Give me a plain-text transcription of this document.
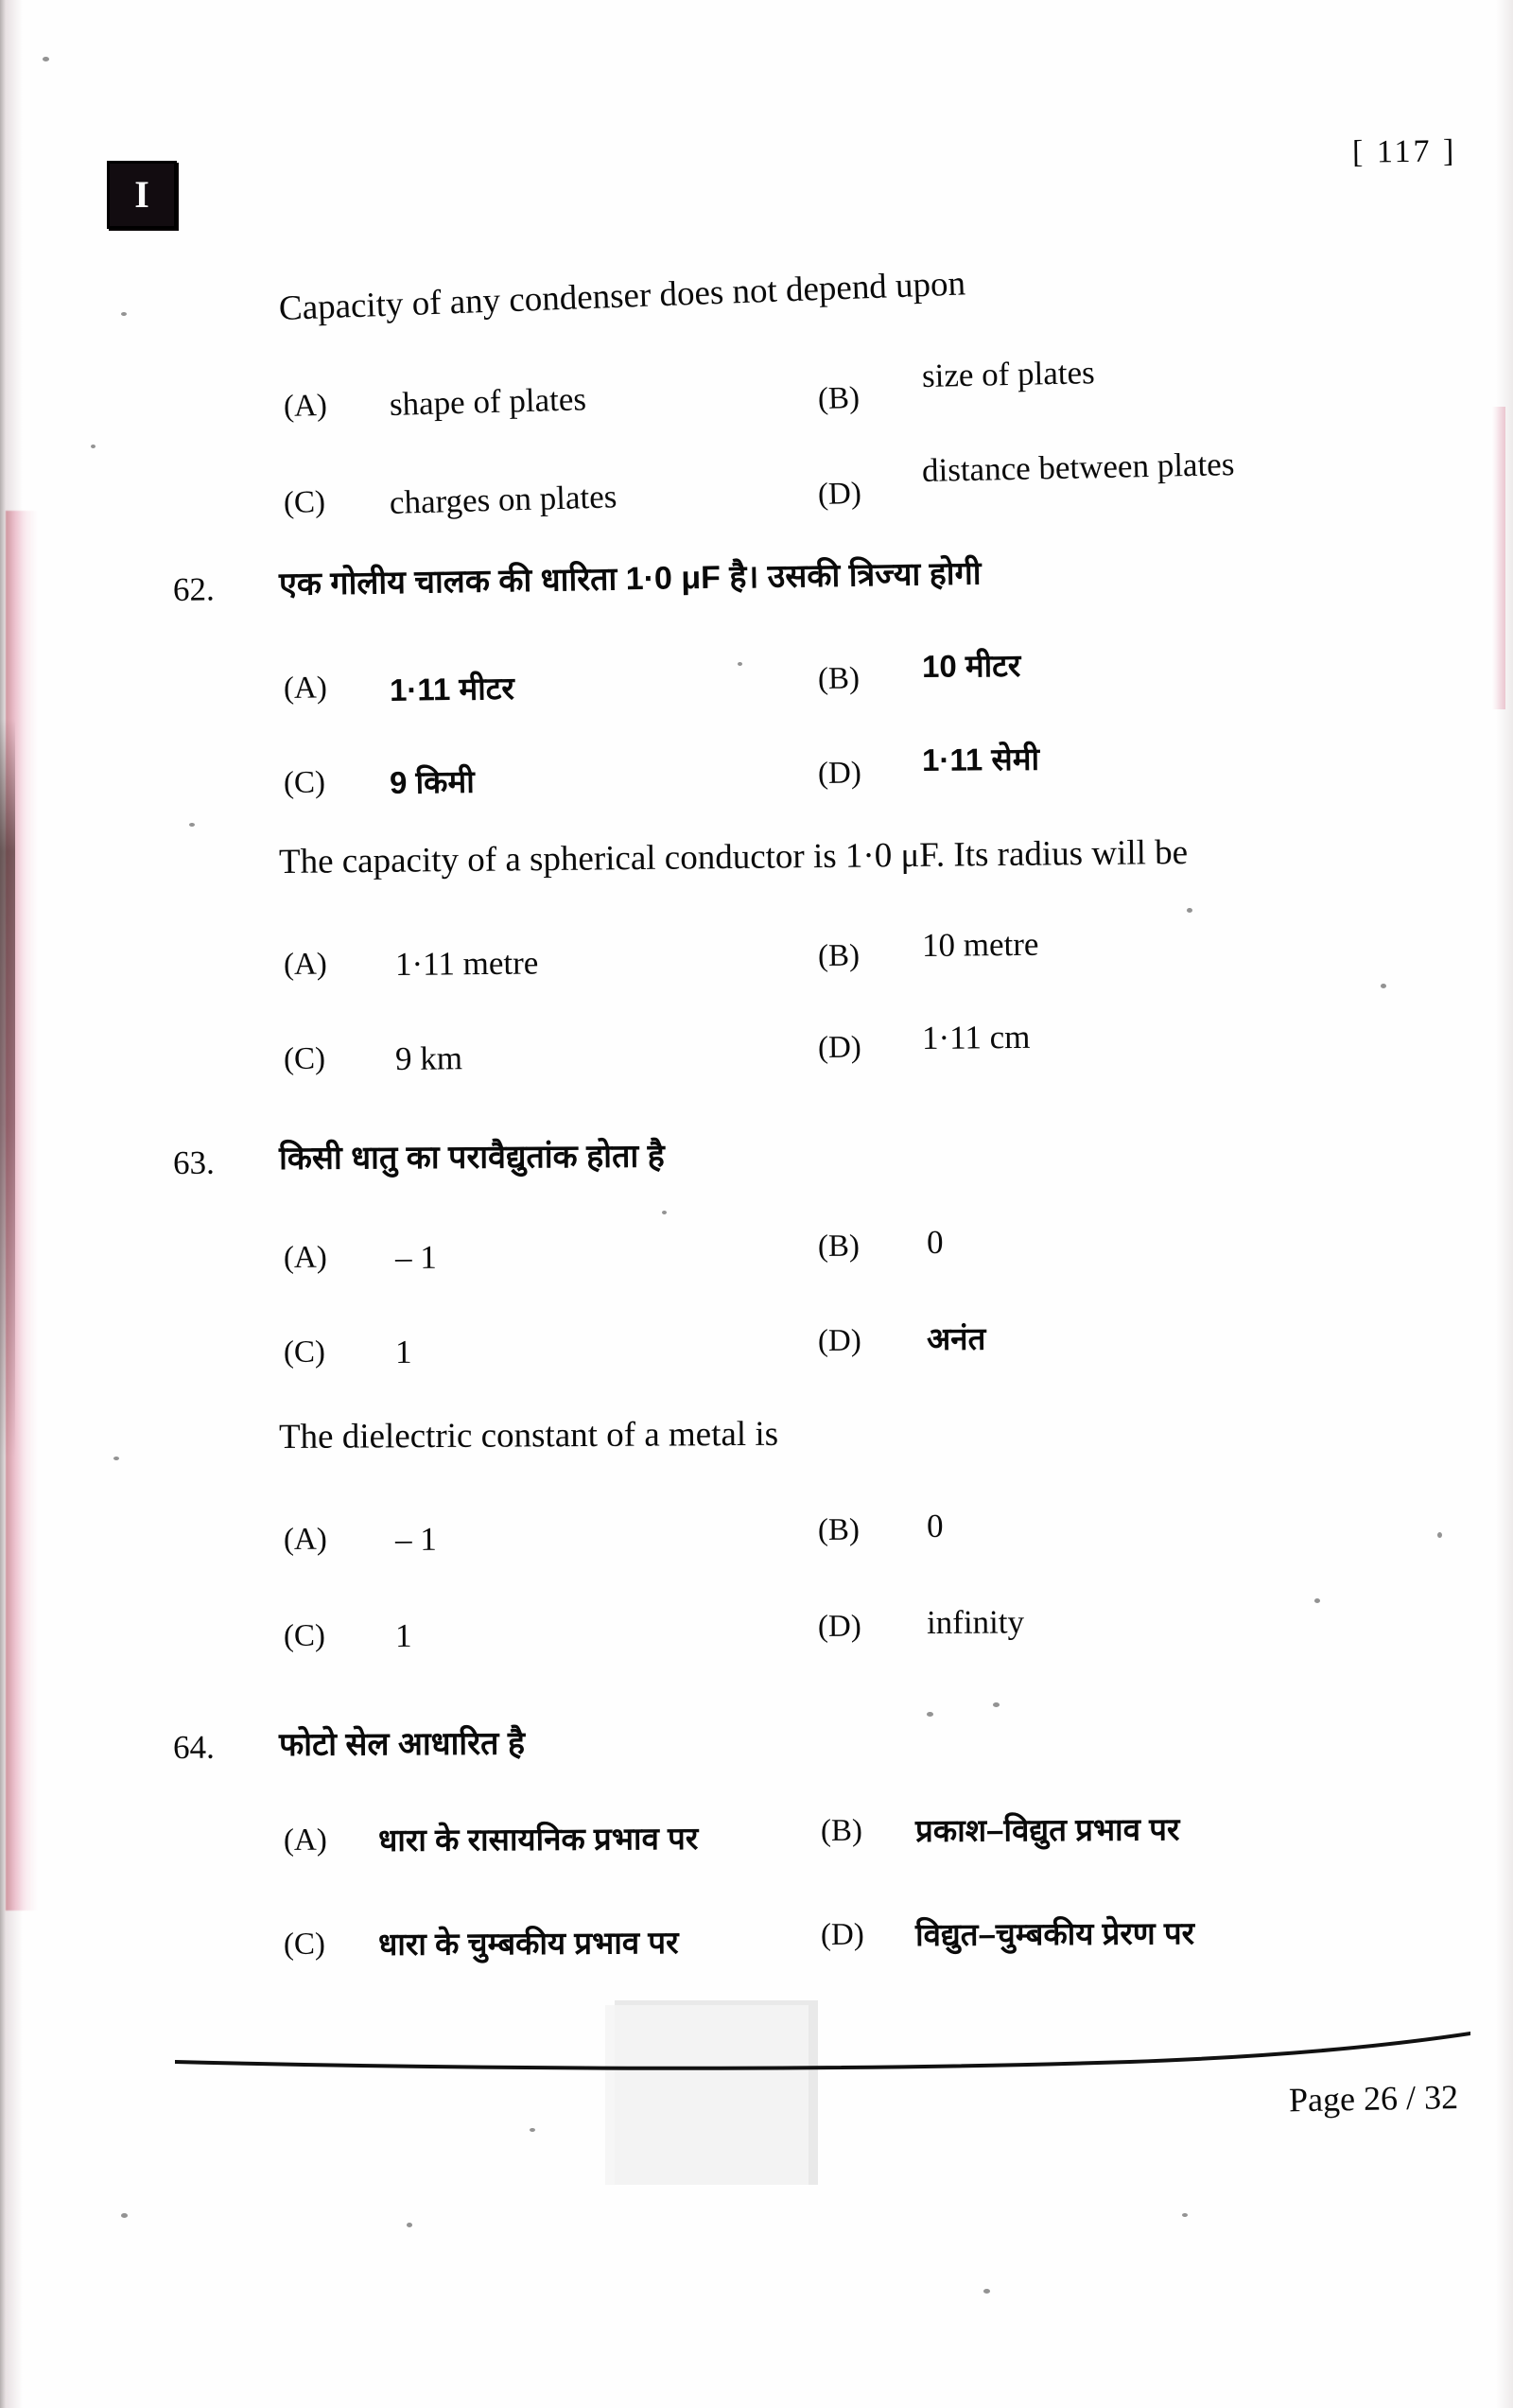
I
[ 117 ]
Capacity of any condenser does not depend upon
(A) shape of plates	(B)
size of plates
(C) charges on plates	(D)
distance between plates
62. एक गोलीय चालक की धारिता 1·0 μF है। उसकी त्रिज्या होगी
(A) 1·11 मीटर	(B) 10 मीटर
(C) 9 किमी	(D) 1·11 सेमी
The capacity of a spherical conductor is 1·0 μF. Its radius will be
(A) 1·11 metre	(B) 10 metre
(C) 9 km	(D) 1·11 cm
63. किसी धातु का परावैद्युतांक होता है
(A) – 1	(B) 0
(C) 1	(D) अनंत
The dielectric constant of a metal is
(A) – 1	(B) 0
(C) 1	(D) infinity
64. फोटो सेल आधारित है
(A) धारा के रासायनिक प्रभाव पर	(B) प्रकाश–विद्युत प्रभाव पर
(C) धारा के चुम्बकीय प्रभाव पर	(D) विद्युत–चुम्बकीय प्रेरण पर
Page 26 / 32
